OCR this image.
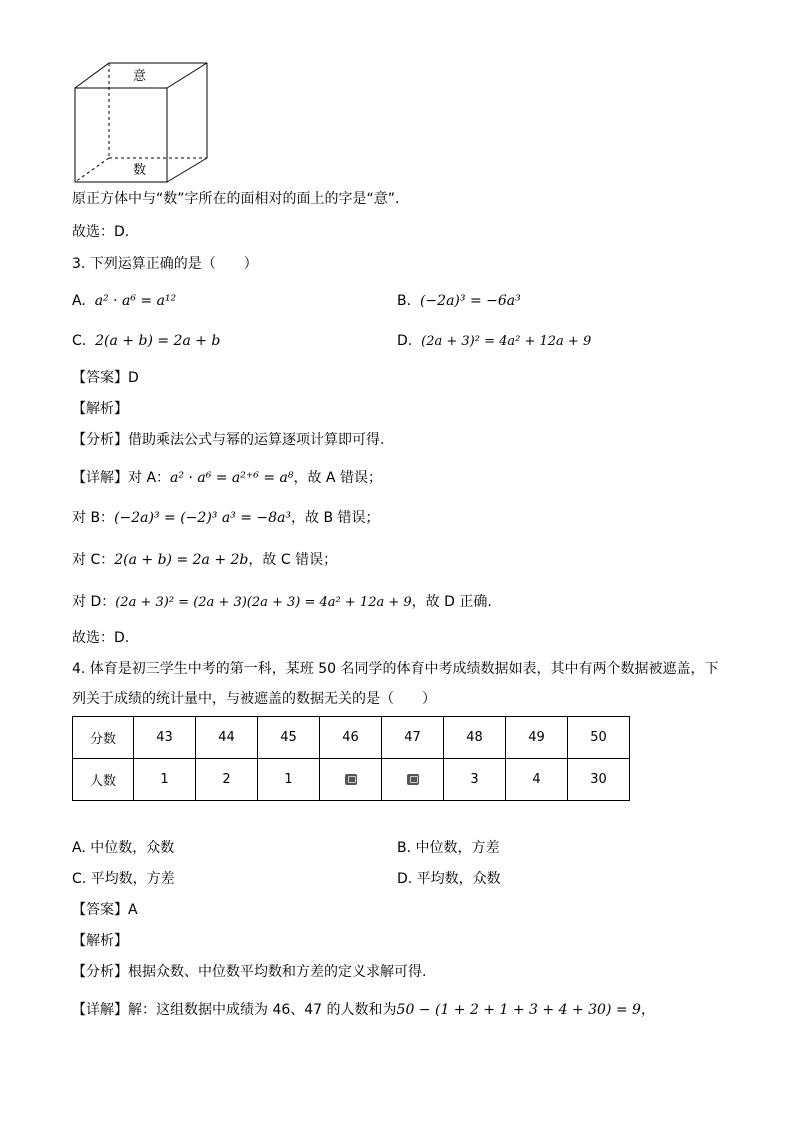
意
数
原正方体中与“数”字所在的面相对的面上的字是“意”.
故选：D.
3. 下列运算正确的是（　　）
A. a² · a⁶ = a¹²	B. (−2a)³ = −6a³
C. 2(a + b) = 2a + b	D. (2a + 3)² = 4a² + 12a + 9
【答案】D
【解析】
【分析】借助乘法公式与幂的运算逐项计算即可得.
【详解】对 A：a² · a⁶ = a²⁺⁶ = a⁸，故 A 错误；
对 B：(−2a)³ = (−2)³ a³ = −8a³，故 B 错误；
对 C：2(a + b) = 2a + 2b，故 C 错误；
对 D：(2a + 3)² = (2a + 3)(2a + 3) = 4a² + 12a + 9，故 D 正确.
故选：D.
4. 体育是初三学生中考的第一科，某班 50 名同学的体育中考成绩数据如表，其中有两个数据被遮盖，下
列关于成绩的统计量中，与被遮盖的数据无关的是（　　）
分数	43	44	45	46	47	48	49	50
人数	1	2	1			3	4	30
A. 中位数，众数	B. 中位数，方差
C. 平均数，方差	D. 平均数，众数
【答案】A
【解析】
【分析】根据众数、中位数平均数和方差的定义求解可得.
【详解】解：这组数据中成绩为 46、47 的人数和为50 − (1 + 2 + 1 + 3 + 4 + 30) = 9，
